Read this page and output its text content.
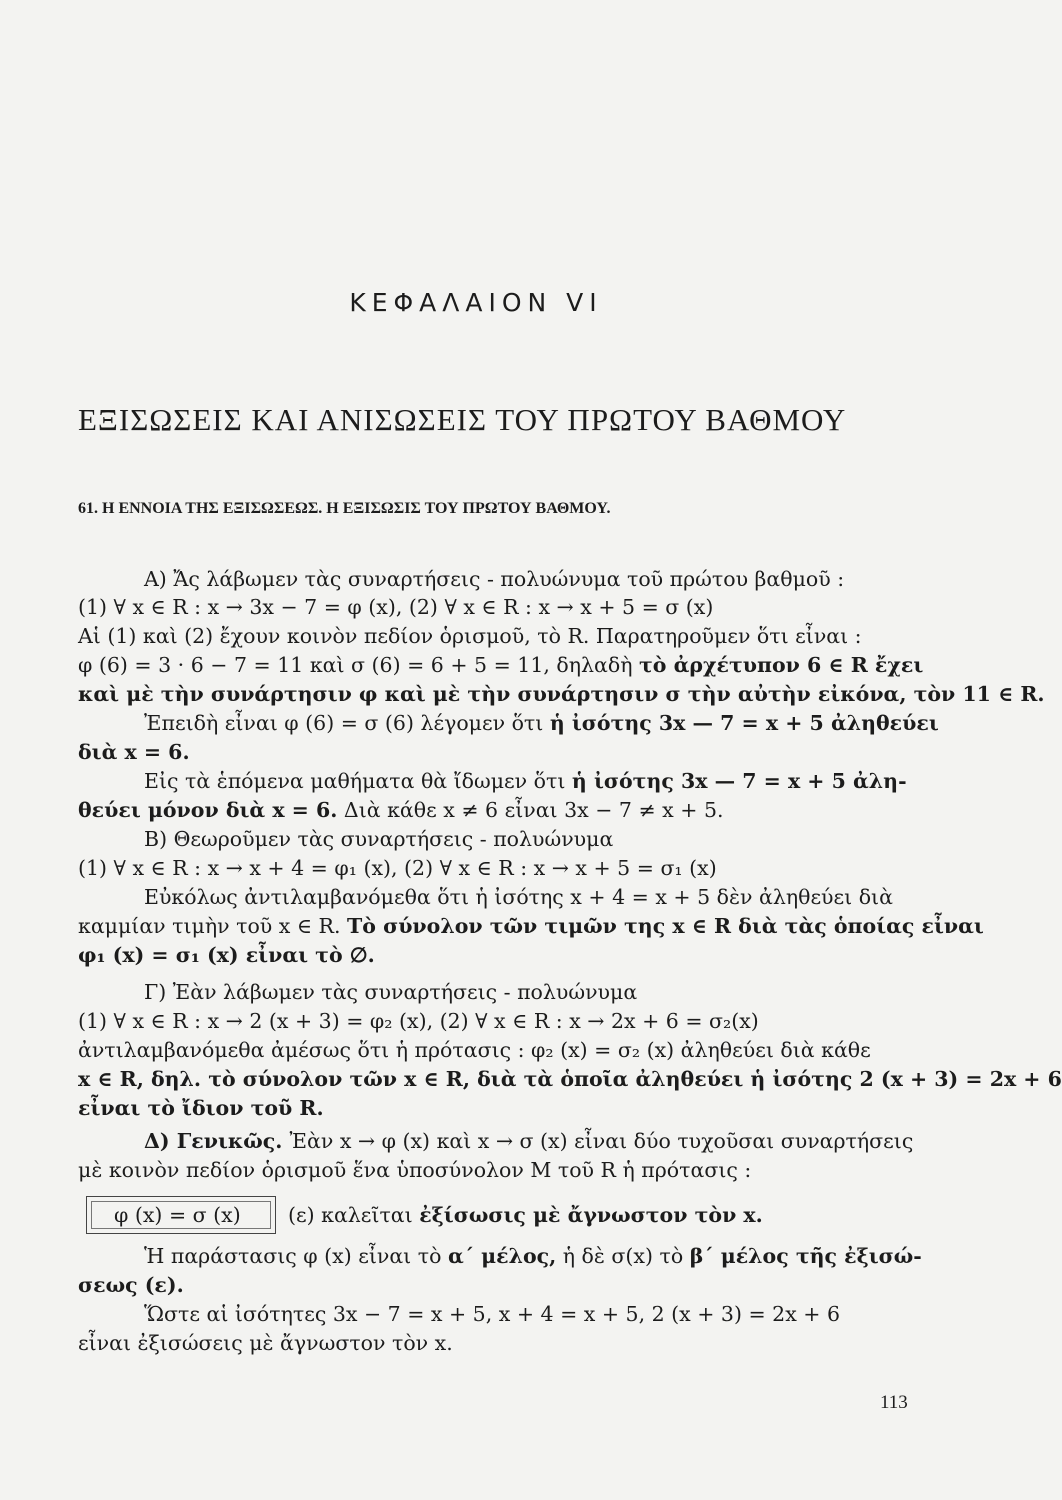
ΚΕΦΑΛΑΙΟΝ VI
ΕΞΙΣΩΣΕΙΣ ΚΑΙ ΑΝΙΣΩΣΕΙΣ ΤΟΥ ΠΡΩΤΟΥ ΒΑΘΜΟΥ
61. Η ΕΝΝΟΙΑ ΤΗΣ ΕΞΙΣΩΣΕΩΣ. Η ΕΞΙΣΩΣΙΣ ΤΟΥ ΠΡΩΤΟΥ ΒΑΘΜΟΥ.
Α) Ἄς λάβωμεν τὰς συναρτήσεις - πολυώνυμα τοῦ πρώτου βαθμοῦ :
(1) ∀ x ∈ R : x → 3x − 7 = φ (x), (2) ∀ x ∈ R : x → x + 5 = σ (x)
Αἱ (1) καὶ (2) ἔχουν κοινὸν πεδίον ὁρισμοῦ, τὸ R. Παρατηροῦμεν ὅτι εἶναι :
φ (6) = 3 · 6 − 7 = 11 καὶ σ (6) = 6 + 5 = 11, δηλαδὴ τὸ ἀρχέτυπον 6 ∈ R ἔχει
καὶ μὲ τὴν συνάρτησιν φ καὶ μὲ τὴν συνάρτησιν σ τὴν αὐτὴν εἰκόνα, τὸν 11 ∈ R.
Ἐπειδὴ εἶναι φ (6) = σ (6) λέγομεν ὅτι ἡ ἰσότης 3x — 7 = x + 5 ἀληθεύει
διὰ x = 6.
Εἰς τὰ ἑπόμενα μαθήματα θὰ ἴδωμεν ὅτι ἡ ἰσότης 3x — 7 = x + 5 ἀλη-
θεύει μόνον διὰ x = 6. Διὰ κάθε x ≠ 6 εἶναι 3x − 7 ≠ x + 5.
Β) Θεωροῦμεν τὰς συναρτήσεις - πολυώνυμα
(1) ∀ x ∈ R : x → x + 4 = φ₁ (x), (2) ∀ x ∈ R : x → x + 5 = σ₁ (x)
Εὐκόλως ἀντιλαμβανόμεθα ὅτι ἡ ἰσότης x + 4 = x + 5 δὲν ἀληθεύει διὰ
καμμίαν τιμὴν τοῦ x ∈ R. Τὸ σύνολον τῶν τιμῶν της x ∈ R διὰ τὰς ὁποίας εἶναι
φ₁ (x) = σ₁ (x) εἶναι τὸ ∅.
Γ) Ἐὰν λάβωμεν τὰς συναρτήσεις - πολυώνυμα
(1) ∀ x ∈ R : x → 2 (x + 3) = φ₂ (x), (2) ∀ x ∈ R : x → 2x + 6 = σ₂(x)
ἀντιλαμβανόμεθα ἀμέσως ὅτι ἡ πρότασις : φ₂ (x) = σ₂ (x) ἀληθεύει διὰ κάθε
x ∈ R, δηλ. τὸ σύνολον τῶν x ∈ R, διὰ τὰ ὁποῖα ἀληθεύει ἡ ἰσότης 2 (x + 3) = 2x + 6
εἶναι τὸ ἴδιον τοῦ R.
Δ) Γενικῶς. Ἐὰν x → φ (x) καὶ x → σ (x) εἶναι δύο τυχοῦσαι συναρτήσεις
μὲ κοινὸν πεδίον ὁρισμοῦ ἕνα ὑποσύνολον M τοῦ R ἡ πρότασις :
φ (x) = σ (x)	(ε) καλεῖται ἐξίσωσις μὲ ἄγνωστον τὸν x.
Ἡ παράστασις φ (x) εἶναι τὸ α΄ μέλος, ἡ δὲ σ(x) τὸ β΄ μέλος τῆς ἐξισώ-
σεως (ε).
Ὥστε αἱ ἰσότητες 3x − 7 = x + 5, x + 4 = x + 5, 2 (x + 3) = 2x + 6
εἶναι ἐξισώσεις μὲ ἄγνωστον τὸν x.
113
